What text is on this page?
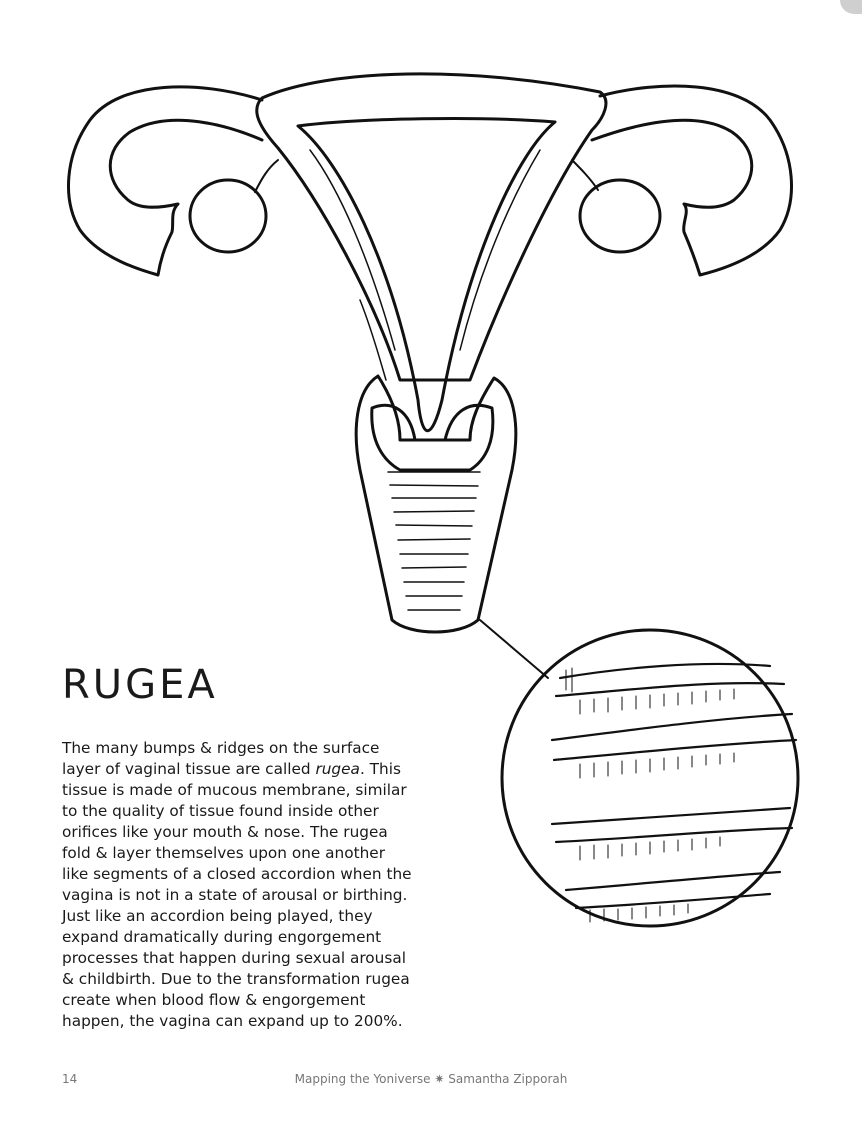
RUGEA

The many bumps & ridges on the surface
layer of vaginal tissue are called rugea. This
tissue is made of mucous membrane, similar
to the quality of tissue found inside other
orifices like your mouth & nose. The rugea
fold & layer themselves upon one another
like segments of a closed accordion when the
vagina is not in a state of arousal or birthing.
Just like an accordion being played, they
expand dramatically during engorgement
processes that happen during sexual arousal
& childbirth. Due to the transformation rugea
create when blood flow & engorgement
happen, the vagina can expand up to 200%.

14	Mapping the Yoniverse ✷ Samantha Zipporah
